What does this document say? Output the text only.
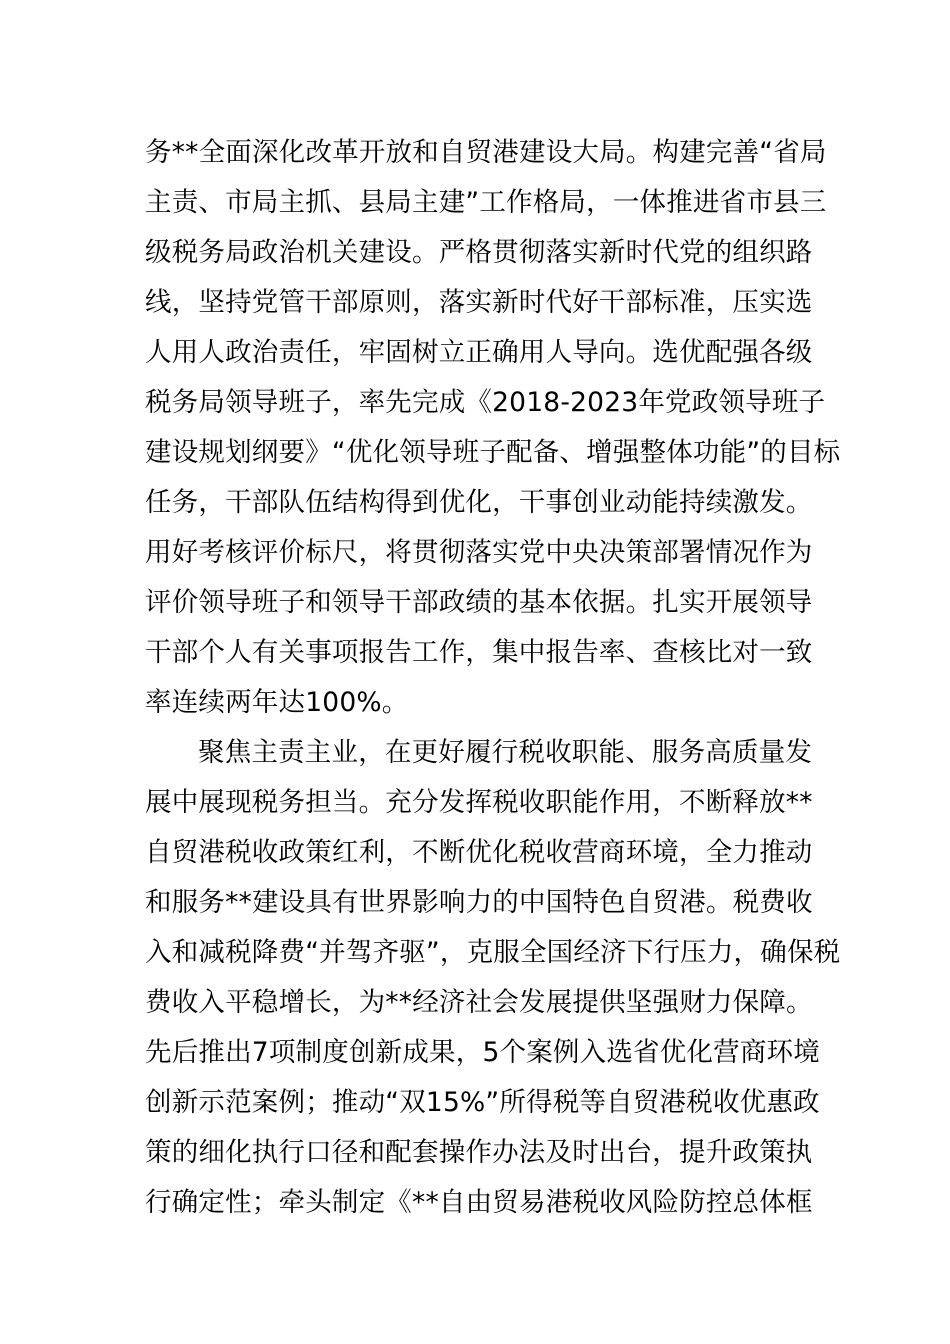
务**全面深化改革开放和自贸港建设大局。构建完善“省局
主责、市局主抓、县局主建”工作格局，一体推进省市县三
级税务局政治机关建设。严格贯彻落实新时代党的组织路
线，坚持党管干部原则，落实新时代好干部标准，压实选
人用人政治责任，牢固树立正确用人导向。选优配强各级
税务局领导班子，率先完成《2018-2023年党政领导班子
建设规划纲要》“优化领导班子配备、增强整体功能”的目标
任务，干部队伍结构得到优化，干事创业动能持续激发。
用好考核评价标尺，将贯彻落实党中央决策部署情况作为
评价领导班子和领导干部政绩的基本依据。扎实开展领导
干部个人有关事项报告工作，集中报告率、查核比对一致
率连续两年达100%。
聚焦主责主业，在更好履行税收职能、服务高质量发
展中展现税务担当。充分发挥税收职能作用，不断释放**
自贸港税收政策红利，不断优化税收营商环境，全力推动
和服务**建设具有世界影响力的中国特色自贸港。税费收
入和减税降费“并驾齐驱”，克服全国经济下行压力，确保税
费收入平稳增长，为**经济社会发展提供坚强财力保障。
先后推出7项制度创新成果，5个案例入选省优化营商环境
创新示范案例；推动“双15%”所得税等自贸港税收优惠政
策的细化执行口径和配套操作办法及时出台，提升政策执
行确定性；牵头制定《**自由贸易港税收风险防控总体框
